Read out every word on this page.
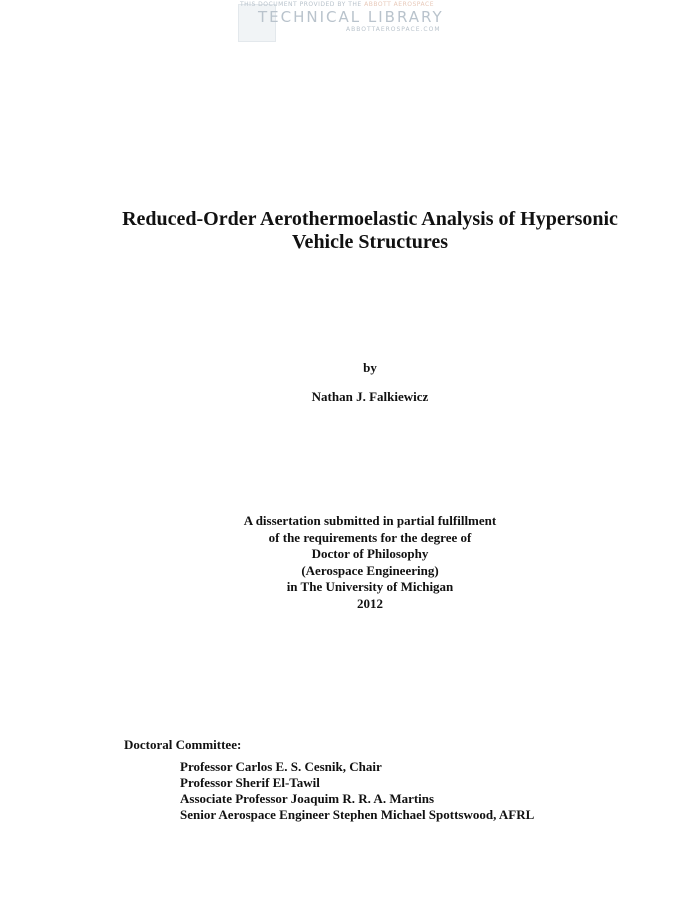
THIS DOCUMENT PROVIDED BY THE ABBOTT AEROSPACE
TECHNICAL LIBRARY
ABBOTTAEROSPACE.COM
Reduced-Order Aerothermoelastic Analysis of Hypersonic
Vehicle Structures
by
Nathan J. Falkiewicz
A dissertation submitted in partial fulfillment
of the requirements for the degree of
Doctor of Philosophy
(Aerospace Engineering)
in The University of Michigan
2012
Doctoral Committee:
Professor Carlos E. S. Cesnik, Chair
Professor Sherif El-Tawil
Associate Professor Joaquim R. R. A. Martins
Senior Aerospace Engineer Stephen Michael Spottswood, AFRL
